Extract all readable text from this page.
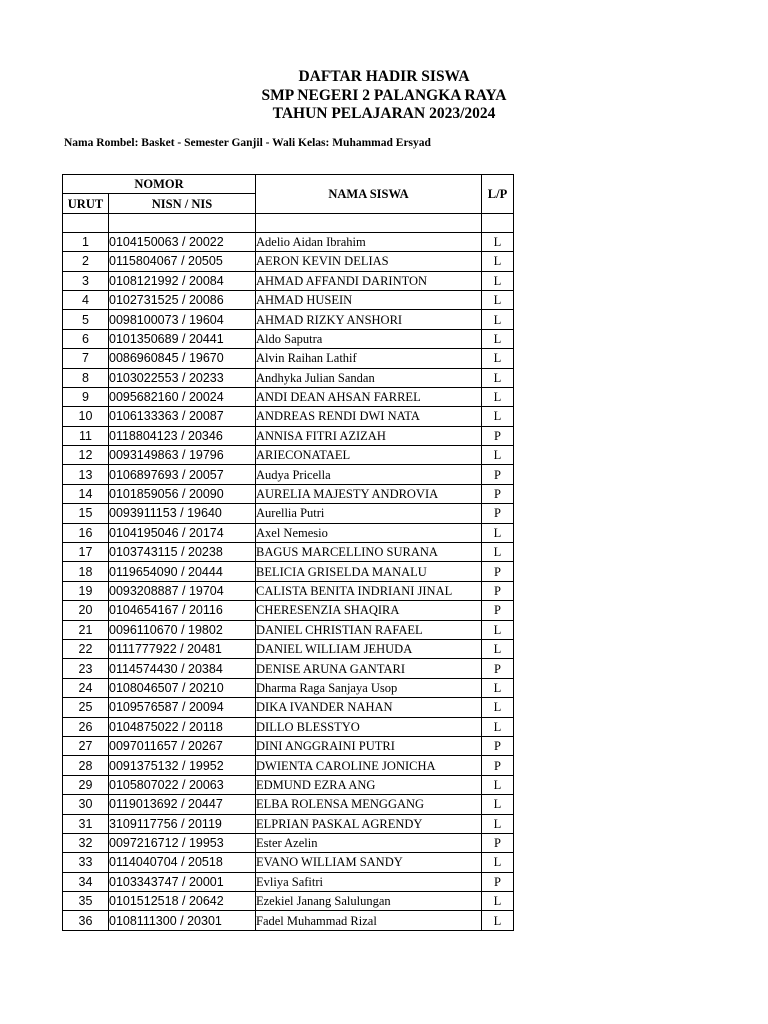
DAFTAR HADIR SISWA
SMP NEGERI 2 PALANGKA RAYA
TAHUN PELAJARAN 2023/2024
Nama Rombel: Basket - Semester Ganjil - Wali Kelas: Muhammad Ersyad
NOMOR		NAMA SISWA	L/P
URUT	NISN / NIS		

1	0104150063 / 20022	Adelio Aidan Ibrahim	L
2	0115804067 / 20505	AERON KEVIN DELIAS	L
3	0108121992 / 20084	AHMAD AFFANDI DARINTON	L
4	0102731525 / 20086	AHMAD HUSEIN	L
5	0098100073 / 19604	AHMAD RIZKY ANSHORI	L
6	0101350689 / 20441	Aldo Saputra	L
7	0086960845 / 19670	Alvin Raihan Lathif	L
8	0103022553 / 20233	Andhyka Julian Sandan	L
9	0095682160 / 20024	ANDI DEAN AHSAN FARREL	L
10	0106133363 / 20087	ANDREAS RENDI DWI NATA	L
11	0118804123 / 20346	ANNISA FITRI AZIZAH	P
12	0093149863 / 19796	ARIECONATAEL	L
13	0106897693 / 20057	Audya Pricella	P
14	0101859056 / 20090	AURELIA MAJESTY ANDROVIA	P
15	0093911153 / 19640	Aurellia Putri	P
16	0104195046 / 20174	Axel Nemesio	L
17	0103743115 / 20238	BAGUS MARCELLINO SURANA	L
18	0119654090 / 20444	BELICIA GRISELDA MANALU	P
19	0093208887 / 19704	CALISTA BENITA INDRIANI JINAL	P
20	0104654167 / 20116	CHERESENZIA SHAQIRA	P
21	0096110670 / 19802	DANIEL CHRISTIAN RAFAEL	L
22	0111777922 / 20481	DANIEL WILLIAM JEHUDA	L
23	0114574430 / 20384	DENISE ARUNA GANTARI	P
24	0108046507 / 20210	Dharma Raga Sanjaya Usop	L
25	0109576587 / 20094	DIKA IVANDER NAHAN	L
26	0104875022 / 20118	DILLO BLESSTYO	L
27	0097011657 / 20267	DINI ANGGRAINI PUTRI	P
28	0091375132 / 19952	DWIENTA CAROLINE JONICHA	P
29	0105807022 / 20063	EDMUND EZRA ANG	L
30	0119013692 / 20447	ELBA ROLENSA MENGGANG	L
31	3109117756 / 20119	ELPRIAN PASKAL AGRENDY	L
32	0097216712 / 19953	Ester Azelin	P
33	0114040704 / 20518	EVANO WILLIAM SANDY	L
34	0103343747 / 20001	Evliya Safitri	P
35	0101512518 / 20642	Ezekiel Janang Salulungan	L
36	0108111300 / 20301	Fadel Muhammad Rizal	L
